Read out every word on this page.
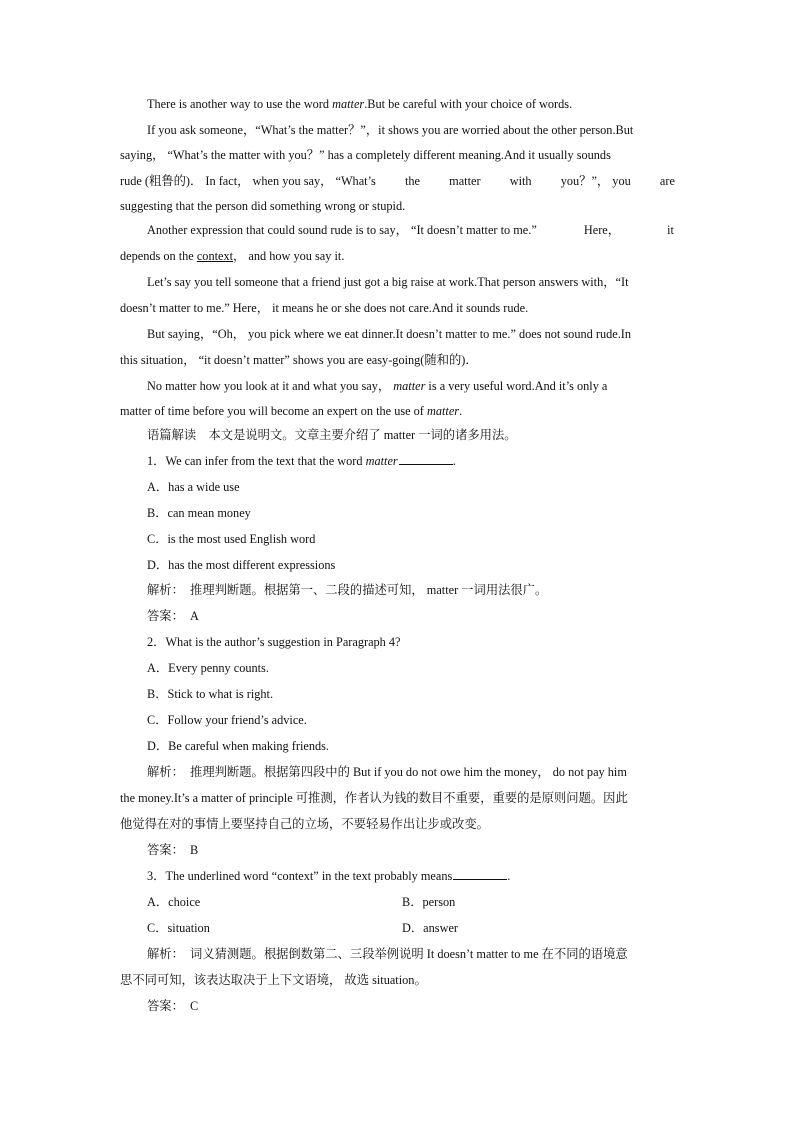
There is another way to use the word matter.But be careful with your choice of words.
If you ask someone，“What’s the matter？”，it shows you are worried about the other person.But
saying， “What’s the matter with you？” has a completely different meaning.And it usually sounds
rude (粗鲁的)． In fact， when you say， “What’s the matter with you？”， you are
suggesting that the person did something wrong or stupid.
Another expression that could sound rude is to say， “It doesn’t matter to me.”	Here，	it
depends on the context， and how you say it.
Let’s say you tell someone that a friend just got a big raise at work.That person answers with，“It
doesn’t matter to me.” Here， it means he or she does not care.And it sounds rude.
But saying，“Oh， you pick where we eat dinner.It doesn’t matter to me.” does not sound rude.In
this situation， “it doesn’t matter” shows you are easy-going(随和的)．
No matter how you look at it and what you say， matter is a very useful word.And it’s only a
matter of time before you will become an expert on the use of matter.
语篇解读　本文是说明文。文章主要介绍了 matter 一词的诸多用法。
1．We can infer from the text that the word matter	.
A．has a wide use
B．can mean money
C．is the most used English word
D．has the most different expressions
解析：　推理判断题。根据第一、二段的描述可知， matter 一词用法很广。
答案：　A
2．What is the author’s suggestion in Paragraph 4?
A．Every penny counts.
B．Stick to what is right.
C．Follow your friend’s advice.
D．Be careful when making friends.
解析：　推理判断题。根据第四段中的 But if you do not owe him the money， do not pay him
the money.It’s a matter of principle 可推测，作者认为钱的数目不重要，重要的是原则问题。因此
他觉得在对的事情上要坚持自己的立场，不要轻易作出让步或改变。
答案：　B
3．The underlined word “context” in the text probably means	.
A．choice	B．person
C．situation	D．answer
解析：　词义猜测题。根据倒数第二、三段举例说明 It doesn’t matter to me 在不同的语境意
思不同可知，该表达取决于上下文语境， 故选 situation。
答案：　C
